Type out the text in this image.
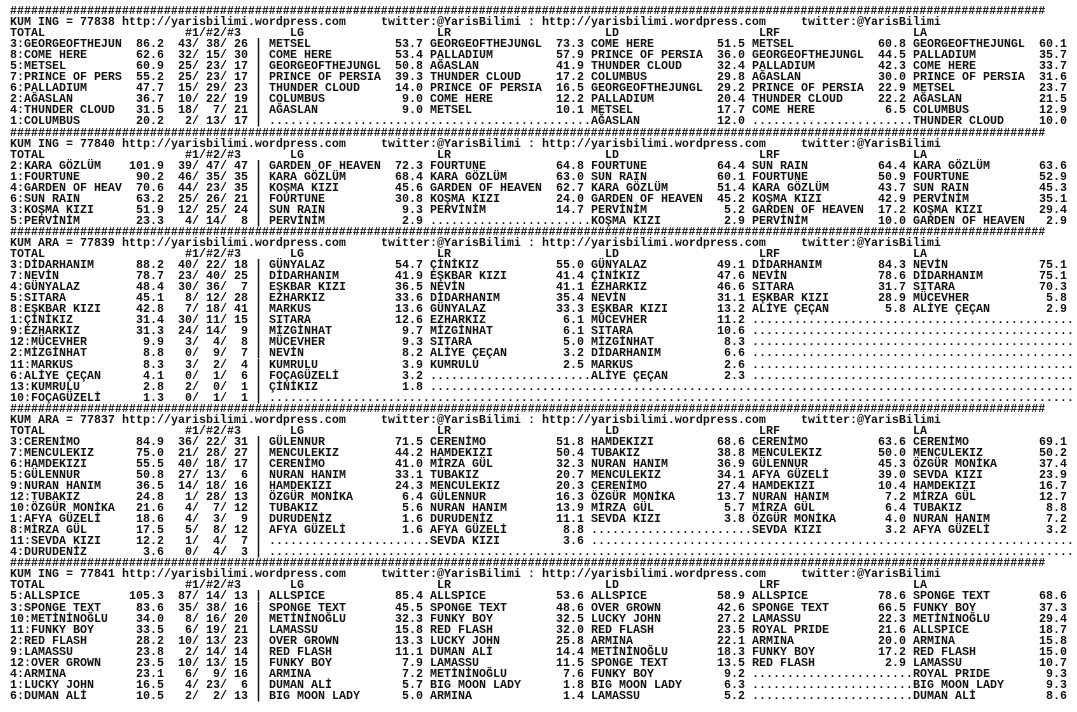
####################################################################################################################################################
KUM ING = 77838 http://yarisbilimi.wordpress.com	twitter:@YarisBilimi : http://yarisbilimi.wordpress.com	twitter:@YarisBilimi
TOTAL	#1/#2/#3	LG	LR	LD	LRF	LA
3:GEORGEOFTHEJUN 86.2 43/ 38/ 26 | METSEL	53.7 GEORGEOFTHEJUNGL 73.3 COME HERE	51.5 METSEL	60.8 GEORGEOFTHEJUNGL 60.1
8:COME HERE	62.6 32/ 15/ 30 | COME HERE	53.4 PALLADIUM	57.9 PRINCE OF PERSIA 36.0 GEORGEOFTHEJUNGL 44.5 PALLADIUM	35.7
5:METSEL	60.9 25/ 23/ 17 | GEORGEOFTHEJUNGL 50.8 AĞASLAN	41.9 THUNDER CLOUD	32.4 PALLADIUM	42.3 COME HERE	33.7
7:PRINCE OF PERS 55.2 25/ 23/ 17 | PRINCE OF PERSIA 39.3 THUNDER CLOUD	17.2 COLUMBUS	29.8 AĞASLAN	30.0 PRINCE OF PERSIA 31.6
6:PALLADIUM	47.7 15/ 29/ 23 | THUNDER CLOUD	14.0 PRINCE OF PERSIA 16.5 GEORGEOFTHEJUNGL 29.2 PRINCE OF PERSIA 22.9 METSEL	23.7
2:AĞASLAN	36.7 10/ 22/ 19 | COLUMBUS	9.0 COME HERE	12.2 PALLADIUM	20.4 THUNDER CLOUD	22.2 AĞASLAN	21.5
4:THUNDER CLOUD 31.5 18/ 7/ 21 | AĞASLAN	9.0 METSEL	10.1 METSEL	17.7 COME HERE	6.5 COLUMBUS	12.9
1:COLUMBUS	20.2 2/ 13/ 17 | ....................... ....................... AĞASLAN	12.0 ....................... THUNDER CLOUD	10.0
####################################################################################################################################################
KUM ING = 77840 http://yarisbilimi.wordpress.com	twitter:@YarisBilimi : http://yarisbilimi.wordpress.com	twitter:@YarisBilimi
TOTAL	#1/#2/#3	LG	LR	LD	LRF	LA
2:KARA GÖZLÜM 101.9 39/ 47/ 47 | GARDEN OF HEAVEN 72.3 FOURTUNE	64.8 FOURTUNE	64.4 SUN RAIN	64.4 KARA GÖZLÜM	63.6
1:FOURTUNE	90.2 46/ 35/ 35 | KARA GÖZLÜM	68.4 KARA GÖZLÜM	63.0 SUN RAIN	60.1 FOURTUNE	50.9 FOURTUNE	52.9
4:GARDEN OF HEAV 70.6 44/ 23/ 35 | KOŞMA KIZI	45.6 GARDEN OF HEAVEN 62.7 KARA GÖZLÜM	51.4 KARA GÖZLÜM	43.7 SUN RAIN	45.3
6:SUN RAIN	63.2 25/ 26/ 21 | FOURTUNE	30.8 KOŞMA KIZI	24.0 GARDEN OF HEAVEN 45.2 KOŞMA KIZI	42.9 PERVİNİM	35.1
3:KOŞMA KIZI	51.9 12/ 25/ 24 | SUN RAIN	9.3 PERVİNİM	14.7 PERVİNİM	5.2 GARDEN OF HEAVEN 17.2 KOŞMA KIZI	29.4
5:PERVİNİM	23.3 4/ 14/ 8 | PERVİNİM	2.9 ....................... KOŞMA KIZI	2.9 PERVİNİM	10.0 GARDEN OF HEAVEN 2.9
####################################################################################################################################################
KUM ARA = 77839 http://yarisbilimi.wordpress.com	twitter:@YarisBilimi : http://yarisbilimi.wordpress.com	twitter:@YarisBilimi
TOTAL	#1/#2/#3	LG	LR	LD	LRF	LA
3:DİDARHANIM	88.2 40/ 22/ 18 | GÜNYALAZ	54.7 ÇİNİKIZ	55.0 GÜNYALAZ	49.1 DİDARHANIM	84.3 NEVİN	75.1
7:NEVİN	78.7 23/ 40/ 25 | DİDARHANIM	41.9 EŞKBAR KIZI	41.4 ÇİNİKIZ	47.6 NEVİN	78.6 DİDARHANIM	75.1
4:GÜNYALAZ	48.4 30/ 36/ 7 | EŞKBAR KIZI	36.5 NEVİN	41.1 EZHARKIZ	46.6 SITARA	31.7 SITARA	70.3
5:SITARA	45.1 8/ 12/ 28 | EZHARKIZ	33.6 DİDARHANIM	35.4 NEVİN	31.1 EŞKBAR KIZI	28.9 MÜCEVHER	5.8
8:EŞKBAR KIZI	42.8 7/ 18/ 41 | MARKUS	13.6 GÜNYALAZ	33.3 EŞKBAR KIZI	13.2 ALİYE ÇEÇAN	5.8 ALİYE ÇEÇAN	2.9
1:ÇİNİKIZ	31.4 30/ 11/ 15 | SITARA	12.6 EZHARKIZ	6.1 MÜCEVHER	11.2 ....................... .......................
9:EZHARKIZ	31.3 24/ 14/ 9 | MİZGİNHAT	9.7 MİZGİNHAT	6.1 SITARA	10.6 ....................... .......................
12:MÜCEVHER	9.9 3/ 4/ 8 | MÜCEVHER	9.3 SITARA	5.0 MİZGİNHAT	8.3 ....................... .......................
2:MİZGİNHAT	8.8 0/ 9/ 7 | NEVİN	8.2 ALİYE ÇEÇAN	3.2 DİDARHANIM	6.6 ....................... .......................
11:MARKUS	8.3 3/ 2/ 4 | KUMRULU	3.9 KUMRULU	2.5 MARKUS	2.6 ....................... .......................
6:ALİYE ÇEÇAN	4.1 0/ 1/ 6 | FOÇAGÜZELİ	3.2 ....................... ALİYE ÇEÇAN	2.3 ....................... .......................
13:KUMRULU	2.8 2/ 0/ 1 | ÇİNİKIZ	1.8 ....................... ....................... ....................... .......................
10:FOÇAGÜZELİ	1.3 0/ 1/ 1 | ....................... ....................... ....................... ....................... .......................
####################################################################################################################################################
KUM ARA = 77837 http://yarisbilimi.wordpress.com	twitter:@YarisBilimi : http://yarisbilimi.wordpress.com	twitter:@YarisBilimi
TOTAL	#1/#2/#3	LG	LR	LD	LRF	LA
3:CERENİMO	84.9 36/ 22/ 31 | GÜLENNUR	71.5 CERENİMO	51.8 HAMDEKIZI	68.6 CERENİMO	63.6 CERENİMO	69.1
7:MENCULEKIZ	75.0 21/ 28/ 27 | MENCULEKIZ	44.2 HAMDEKIZI	50.4 TUBAKIZ	38.8 MENCULEKIZ	50.0 MENCULEKIZ	50.2
6:HAMDEKIZI	55.5 40/ 18/ 17 | CERENİMO	41.0 MİRZA GÜL	32.3 NURAN HANIM	36.9 GÜLENNUR	45.3 ÖZGÜR MONİKA	37.4
5:GÜLENNUR	50.8 27/ 13/ 6 | NURAN HANIM	33.1 TUBAKIZ	20.7 MENCULEKIZ	34.1 AFYA GÜZELİ	39.0 SEVDA KIZI	23.9
9:NURAN HANIM	36.5 14/ 18/ 16 | HAMDEKIZI	24.3 MENCULEKIZ	20.3 CERENİMO	27.4 HAMDEKIZI	10.4 HAMDEKIZI	16.7
12:TUBAKIZ	24.8 1/ 28/ 13 | ÖZGÜR MONİKA	6.4 GÜLENNUR	16.3 ÖZGÜR MONİKA	13.7 NURAN HANIM	7.2 MİRZA GÜL	12.7
10:ÖZGÜR MONİKA 21.6 4/ 7/ 12 | TUBAKIZ	5.6 NURAN HANIM	13.9 MİRZA GÜL	5.7 MİRZA GÜL	6.4 TUBAKIZ	8.8
1:AFYA GÜZELİ	18.6 4/ 3/ 9 | DURUDENİZ	1.6 DURUDENİZ	11.1 SEVDA KIZI	3.8 ÖZGÜR MONİKA	4.0 NURAN HANIM	7.2
8:MİRZA GÜL	17.5 5/ 8/ 12 | AFYA GÜZELİ	1.6 AFYA GÜZELİ	8.8 ....................... SEVDA KIZI	3.2 AFYA GÜZELİ	3.2
11:SEVDA KIZI	12.2 1/ 4/ 7 | ....................... SEVDA KIZI	3.6 ....................... ....................... .......................
4:DURUDENİZ	3.6 0/ 4/ 3 | ....................... ....................... ....................... ....................... .......................
####################################################################################################################################################
KUM ING = 77841 http://yarisbilimi.wordpress.com	twitter:@YarisBilimi : http://yarisbilimi.wordpress.com	twitter:@YarisBilimi
TOTAL	#1/#2/#3	LG	LR	LD	LRF	LA
5:ALLSPICE	105.3 87/ 14/ 13 | ALLSPICE	85.4 ALLSPICE	53.6 ALLSPICE	58.9 ALLSPICE	78.6 SPONGE TEXT	68.6
3:SPONGE TEXT	83.6 35/ 38/ 16 | SPONGE TEXT	45.5 SPONGE TEXT	48.6 OVER GROWN	42.6 SPONGE TEXT	66.5 FUNKY BOY	37.3
10:METİNİNOĞLU 34.0 8/ 16/ 20 | METİNİNOĞLU	32.3 FUNKY BOY	32.5 LUCKY JOHN	27.2 LAMASSU	22.3 METİNİNOĞLU	29.4
11:FUNKY BOY	33.5 6/ 19/ 21 | LAMASSU	15.8 RED FLASH	32.0 RED FLASH	23.5 ROYAL PRIDE	21.6 ALLSPICE	18.7
2:RED FLASH	28.2 10/ 13/ 23 | OVER GROWN	13.3 LUCKY JOHN	25.8 ARMINA	22.1 ARMINA	20.0 ARMINA	15.8
9:LAMASSU	23.8 2/ 14/ 14 | RED FLASH	11.1 DUMAN ALİ	14.4 METİNİNOĞLU	18.3 FUNKY BOY	17.2 RED FLASH	15.0
12:OVER GROWN	23.5 10/ 13/ 15 | FUNKY BOY	7.9 LAMASSU	11.5 SPONGE TEXT	13.5 RED FLASH	2.9 LAMASSU	10.7
4:ARMINA	23.1 6/ 9/ 16 | ARMINA	7.2 METİNİNOĞLU	7.6 FUNKY BOY	9.2 ....................... ROYAL PRIDE	9.3
1:LUCKY JOHN	16.5 4/ 23/ 6 | DUMAN ALİ	5.7 BIG MOON LADY	1.8 BIG MOON LADY	6.3 ....................... BIG MOON LADY	9.3
6:DUMAN ALİ	10.5 2/ 2/ 13 | BIG MOON LADY	5.0 ARMINA	1.4 LAMASSU	5.2 ....................... DUMAN ALİ	8.6
